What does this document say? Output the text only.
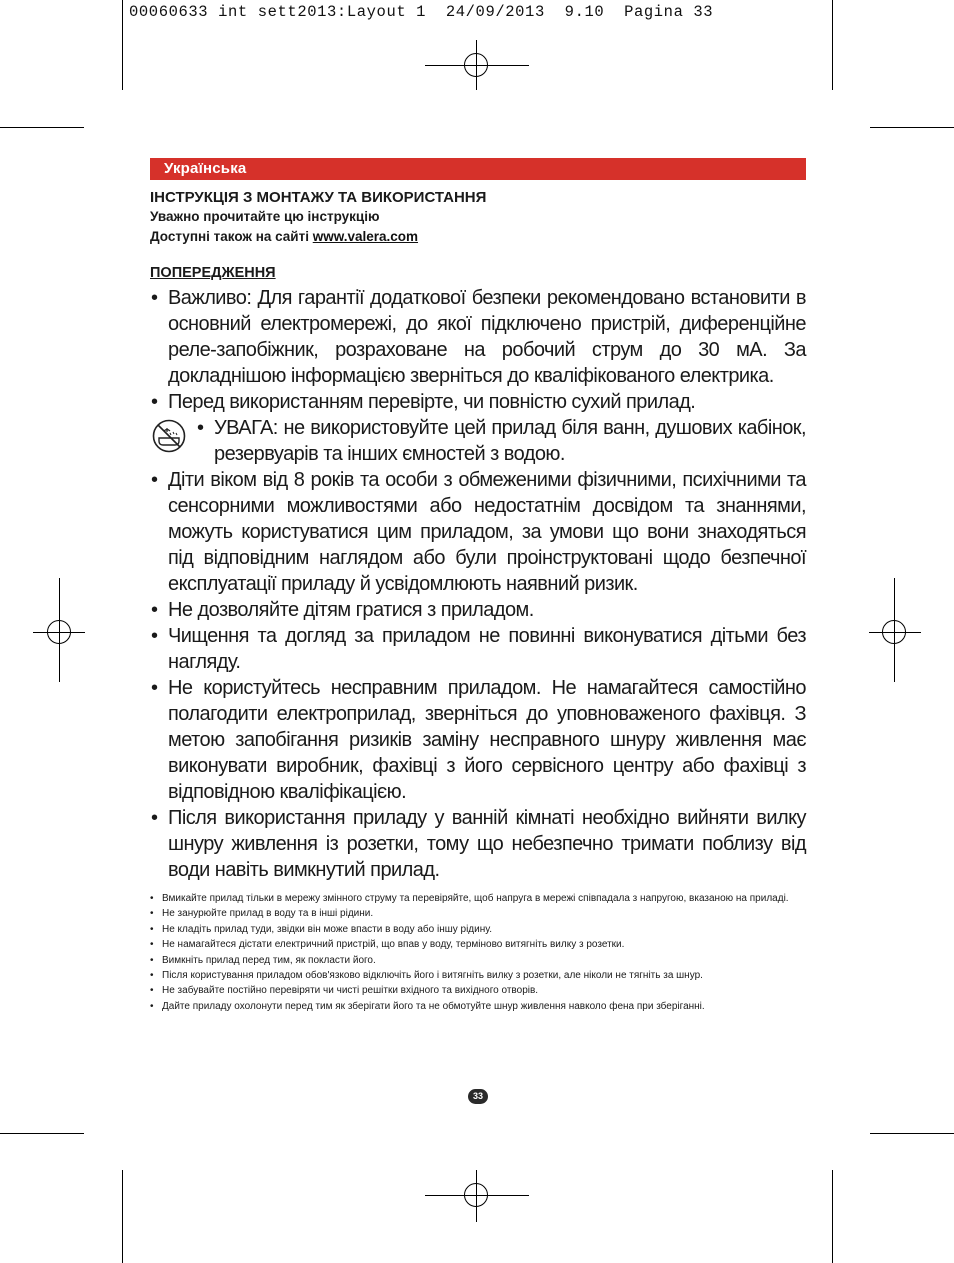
00060633 int sett2013:Layout 1  24/09/2013  9.10  Pagina 33
Українська
ІНСТРУКЦІЯ З МОНТАЖУ ТА ВИКОРИСТАННЯ
Уважно прочитайте цю інструкцію
Доступні також на сайті www.valera.com
ПОПЕРЕДЖЕННЯ

• Важливо: Для гарантії додаткової безпеки рекомендовано встановити в основний електромережі, до якої підключено пристрій, диференційне реле-запобіжник, розраховане на робочий струм до 30 мА. За докладнішою інформацією зверніться до кваліфікованого електрика.

• Перед використанням перевірте, чи повністю сухий прилад.

• УВАГА: не використовуйте цей прилад біля ванн, душових кабінок, резервуарів та інших ємностей з водою.

• Діти віком від 8 років та особи з обмеженими фізичними, психічними та сенсорними можливостями або недостатнім досвідом та знаннями, можуть користуватися цим приладом, за умови що вони знаходяться під відповідним наглядом або були проінструктовані щодо безпечної експлуатації приладу й усвідомлюють наявний ризик.

• Не дозволяйте дітям гратися з приладом.

• Чищення та догляд за приладом не повинні виконуватися дітьми без нагляду.

• Не користуйтесь несправним приладом. Не намагайтеся самостійно полагодити електроприлад, зверніться до уповноваженого фахівця. З метою запобігання ризиків заміну несправного шнуру живлення має виконувати виробник, фахівці з його сервісного центру або фахівці з відповідною кваліфікацією.

• Після використання приладу у ванній кімнаті необхідно вийняти вилку шнуру живлення із розетки, тому що небезпечно тримати поблизу від води навіть вимкнутий прилад.

• Вмикайте прилад тільки в мережу змінного струму та перевіряйте, щоб напруга в мережі співпадала з напругою, вказаною на приладі.
• Не занурюйте прилад в воду та в інші рідини.
• Не кладіть прилад туди, звідки він може впасти в воду або іншу рідину.
• Не намагайтеся дістати електричний пристрій, що впав у воду, терміново витягніть вилку з розетки.
• Вимкніть прилад перед тим, як покласти його.
• Після користування приладом обов'язково відключіть його і витягніть вилку з розетки, але ніколи не тягніть за шнур.
• Не забувайте постійно перевіряти чи чисті решітки вхідного та вихідного отворів.
• Дайте приладу охолонути перед тим як зберігати його та не обмотуйте шнур живлення навколо фена при зберіганні.
33
